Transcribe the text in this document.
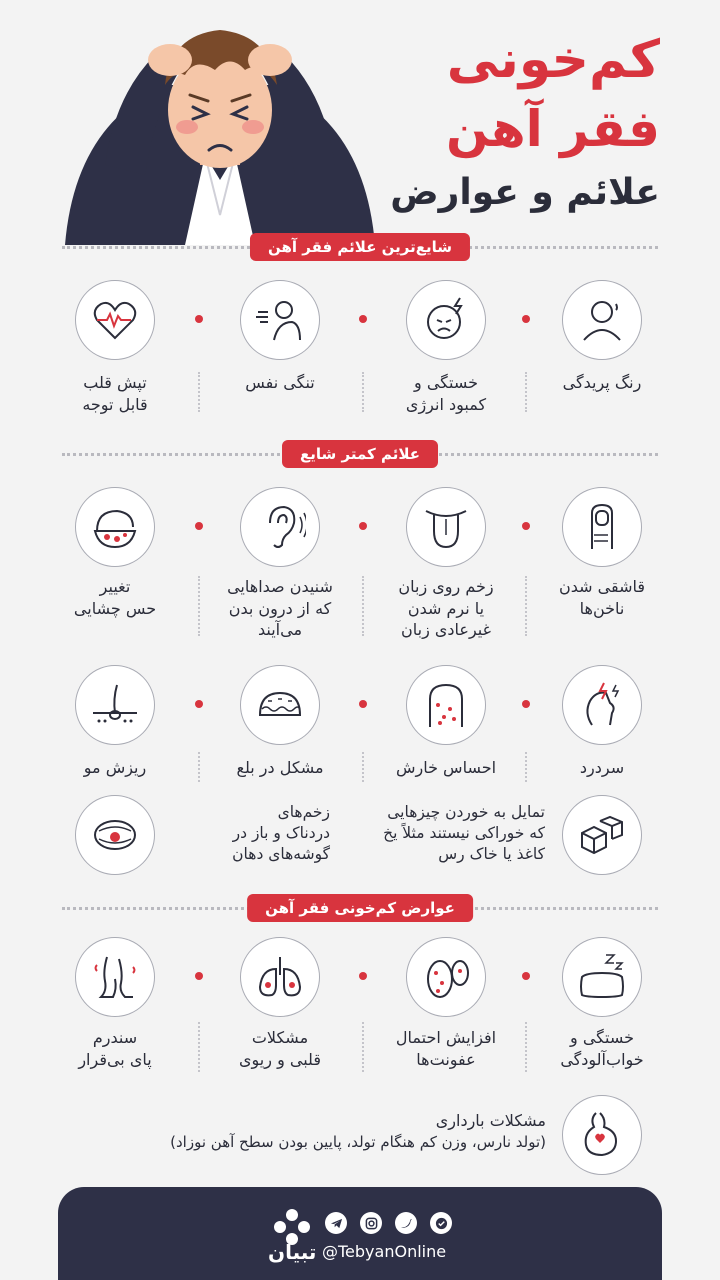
کم‌خونی
فقر آهن
علائم و عوارض
شایع‌ترین علائم فقر آهن
رنگ پریدگی
خستگی و
کمبود انرژی
تنگی نفس
تپش قلب
قابل توجه
علائم کمتر شایع
قاشقی شدن
ناخن‌ها
زخم روی زبان
یا نرم شدن
غیرعادی زبان
شنیدن صداهایی
که از درون بدن
می‌آیند
تغییر
حس چشایی
سردرد
احساس خارش
مشکل در بلع
ریزش مو
تمایل به خوردن چیزهایی
که خوراکی نیستند مثلاً یخ
کاغذ یا خاک رس
زخم‌های
دردناک و باز در
گوشه‌های دهان
عوارض کم‌خونی فقر آهن
خستگی و
خواب‌آلودگی
افزایش احتمال
عفونت‌ها
مشکلات
قلبی و ریوی
سندرم
پای بی‌قرار
مشکلات بارداری
(تولد نارس، وزن کم هنگام تولد، پایین بودن سطح آهن نوزاد)
تبیان @TebyanOnline
